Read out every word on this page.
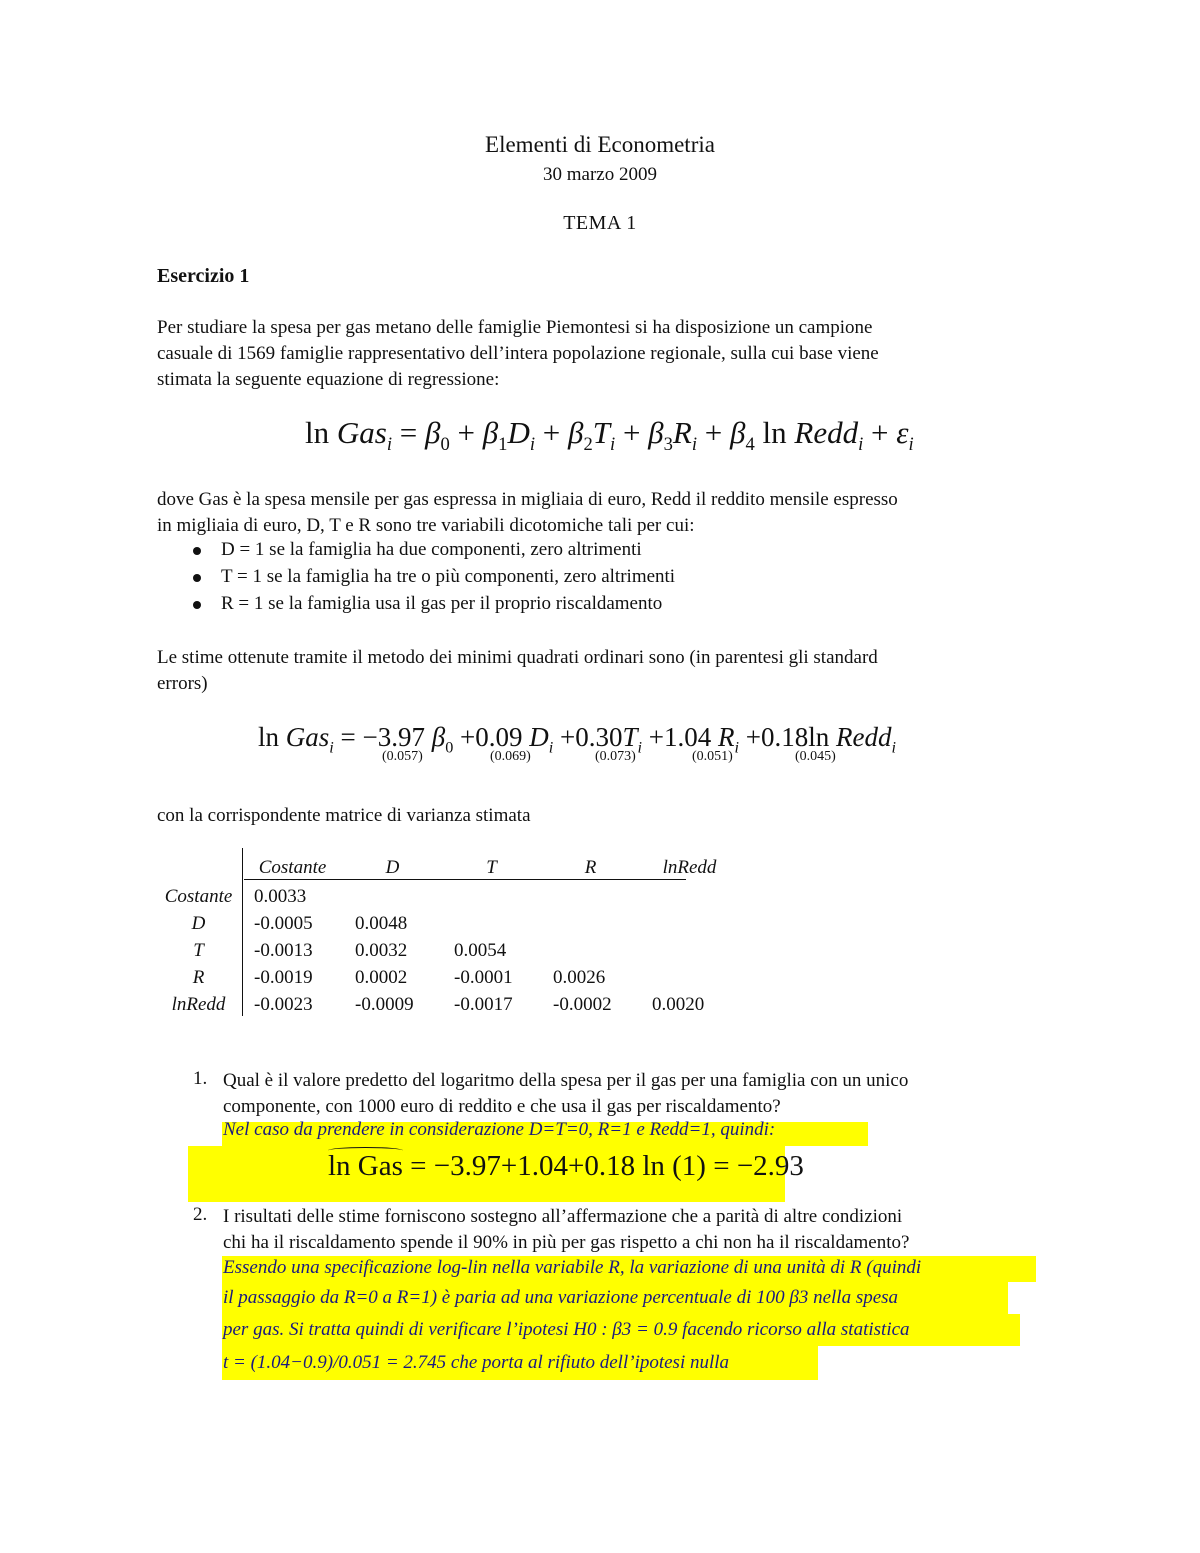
Elementi di Econometria
30 marzo 2009
TEMA 1
Esercizio 1
Per studiare la spesa per gas metano delle famiglie Piemontesi si ha disposizione un campione
casuale di 1569 famiglie rappresentativo dell’intera popolazione regionale, sulla cui base viene
stimata la seguente equazione di regressione:
$\ln Gas_i = \beta_0 + \beta_1D_i + \beta_2T_i + \beta_3R_i + \beta_4$ ln Redd$_i$ + $\varepsilon_i$
dove Gas è la spesa mensile per gas espressa in migliaia di euro, Redd il reddito mensile espresso
in migliaia di euro, D, T e R sono tre variabili dicotomiche tali per cui:
D = 1 se la famiglia ha due componenti, zero altrimenti
T = 1 se la famiglia ha tre o più componenti, zero altrimenti
R = 1 se la famiglia usa il gas per il proprio riscaldamento
Le stime ottenute tramite il metodo dei minimi quadrati ordinari sono (in parentesi gli standard
errors)
ln Gas$_i$ = −3.97 $\beta_0 +0.09$ $D_i +0.30T_i +1.04$ $R_i +0.18\ln$ Redd$_i$
(0.057)	(0.069)	(0.073)	(0.051)	(0.045)
con la corrispondente matrice di varianza stimata
	Costante	D	T	R	lnRedd
Costante	0.0033				
D	-0.0005	0.0048			
T	-0.0013	0.0032	0.0054		
R	-0.0019	0.0002	-0.0001	0.0026	
lnRedd	-0.0023	-0.0009	-0.0017	-0.0002	0.0020
1. Qual è il valore predetto del logaritmo della spesa per il gas per una famiglia con un unico
componente, con 1000 euro di reddito e che usa il gas per riscaldamento?
Nel caso da prendere in considerazione D=T=0, R=1 e Redd=1, quindi:
ln Gas = −3.97+1.04+0.18 ln (1) = −2.93
2. I risultati delle stime forniscono sostegno all’affermazione che a parità di altre condizioni
chi ha il riscaldamento spende il 90% in più per gas rispetto a chi non ha il riscaldamento?
Essendo una specificazione log-lin nella variabile R, la variazione di una unità di R (quindi
il passaggio da R=0 a R=1) è paria ad una variazione percentuale di 100 β3 nella spesa
per gas. Si tratta quindi di verificare l’ipotesi H0 : β3 = 0.9 facendo ricorso alla statistica
t = (1.04−0.9)/0.051 = 2.745 che porta al rifiuto dell’ipotesi nulla
